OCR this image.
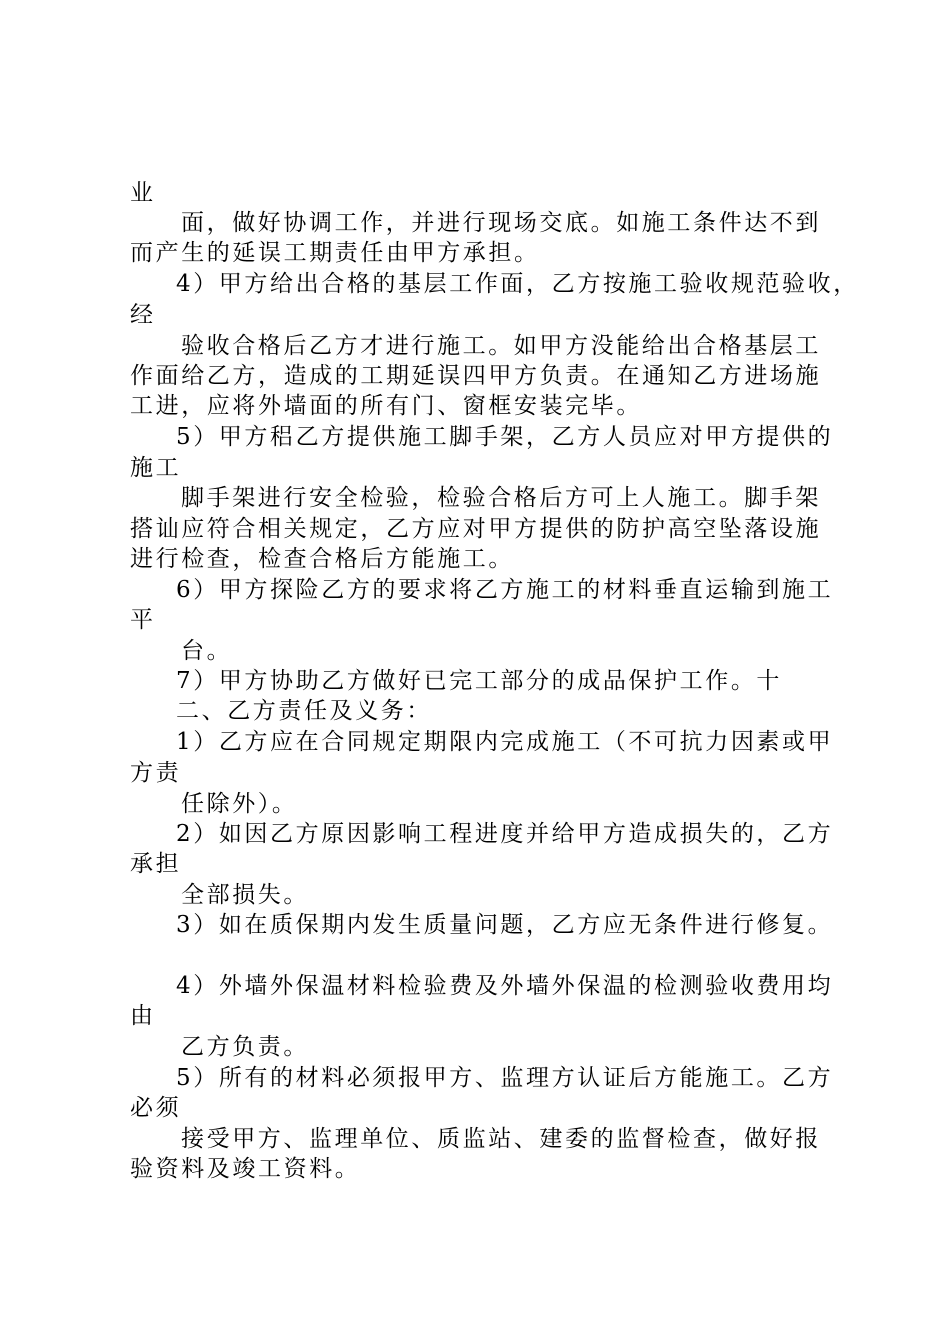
业
面，做好协调工作，并进行现场交底。如施工条件达不到
而产生的延误工期责任由甲方承担。
4）甲方给出合格的基层工作面，乙方按施工验收规范验收，
经
验收合格后乙方才进行施工。如甲方没能给出合格基层工
作面给乙方，造成的工期延误四甲方负责。在通知乙方进场施
工进，应将外墙面的所有门、窗框安装完毕。
5）甲方稆乙方提供施工脚手架，乙方人员应对甲方提供的
施工
脚手架进行安全检验，检验合格后方可上人施工。脚手架
搭讪应符合相关规定，乙方应对甲方提供的防护高空坠落设施
进行检查，检查合格后方能施工。
6）甲方探险乙方的要求将乙方施工的材料垂直运输到施工
平
台。
7）甲方协助乙方做好已完工部分的成品保护工作。十
二、乙方责任及义务：
1）乙方应在合同规定期限内完成施工（不可抗力因素或甲
方责
任除外）。
2）如因乙方原因影响工程进度并给甲方造成损失的，乙方
承担
全部损失。
3）如在质保期内发生质量问题，乙方应无条件进行修复。
4）外墙外保温材料检验费及外墙外保温的检测验收费用均
由
乙方负责。
5）所有的材料必须报甲方、监理方认证后方能施工。乙方
必须
接受甲方、监理单位、质监站、建委的监督检查，做好报
验资料及竣工资料。
